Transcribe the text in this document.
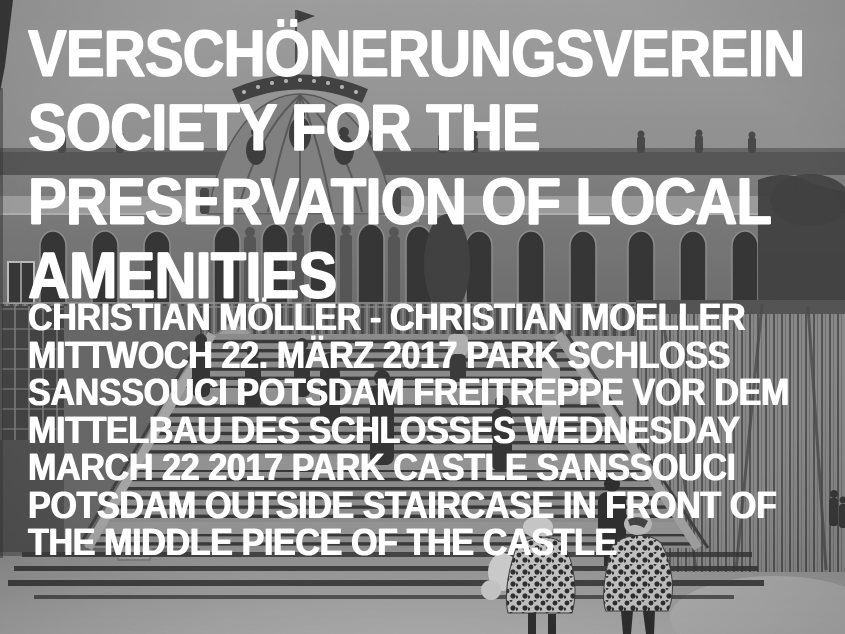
VERSCHÖNERUNGSVEREIN
SOCIETY FOR THE
PRESERVATION OF LOCAL
AMENITIES
CHRISTIAN MÖLLER - CHRISTIAN MOELLER
MITTWOCH 22. MÄRZ 2017 PARK SCHLOSS
SANSSOUCI POTSDAM FREITREPPE VOR DEM
MITTELBAU DES SCHLOSSES WEDNESDAY
MARCH 22 2017 PARK CASTLE SANSSOUCI
POTSDAM OUTSIDE STAIRCASE IN FRONT OF
THE MIDDLE PIECE OF THE CASTLE
